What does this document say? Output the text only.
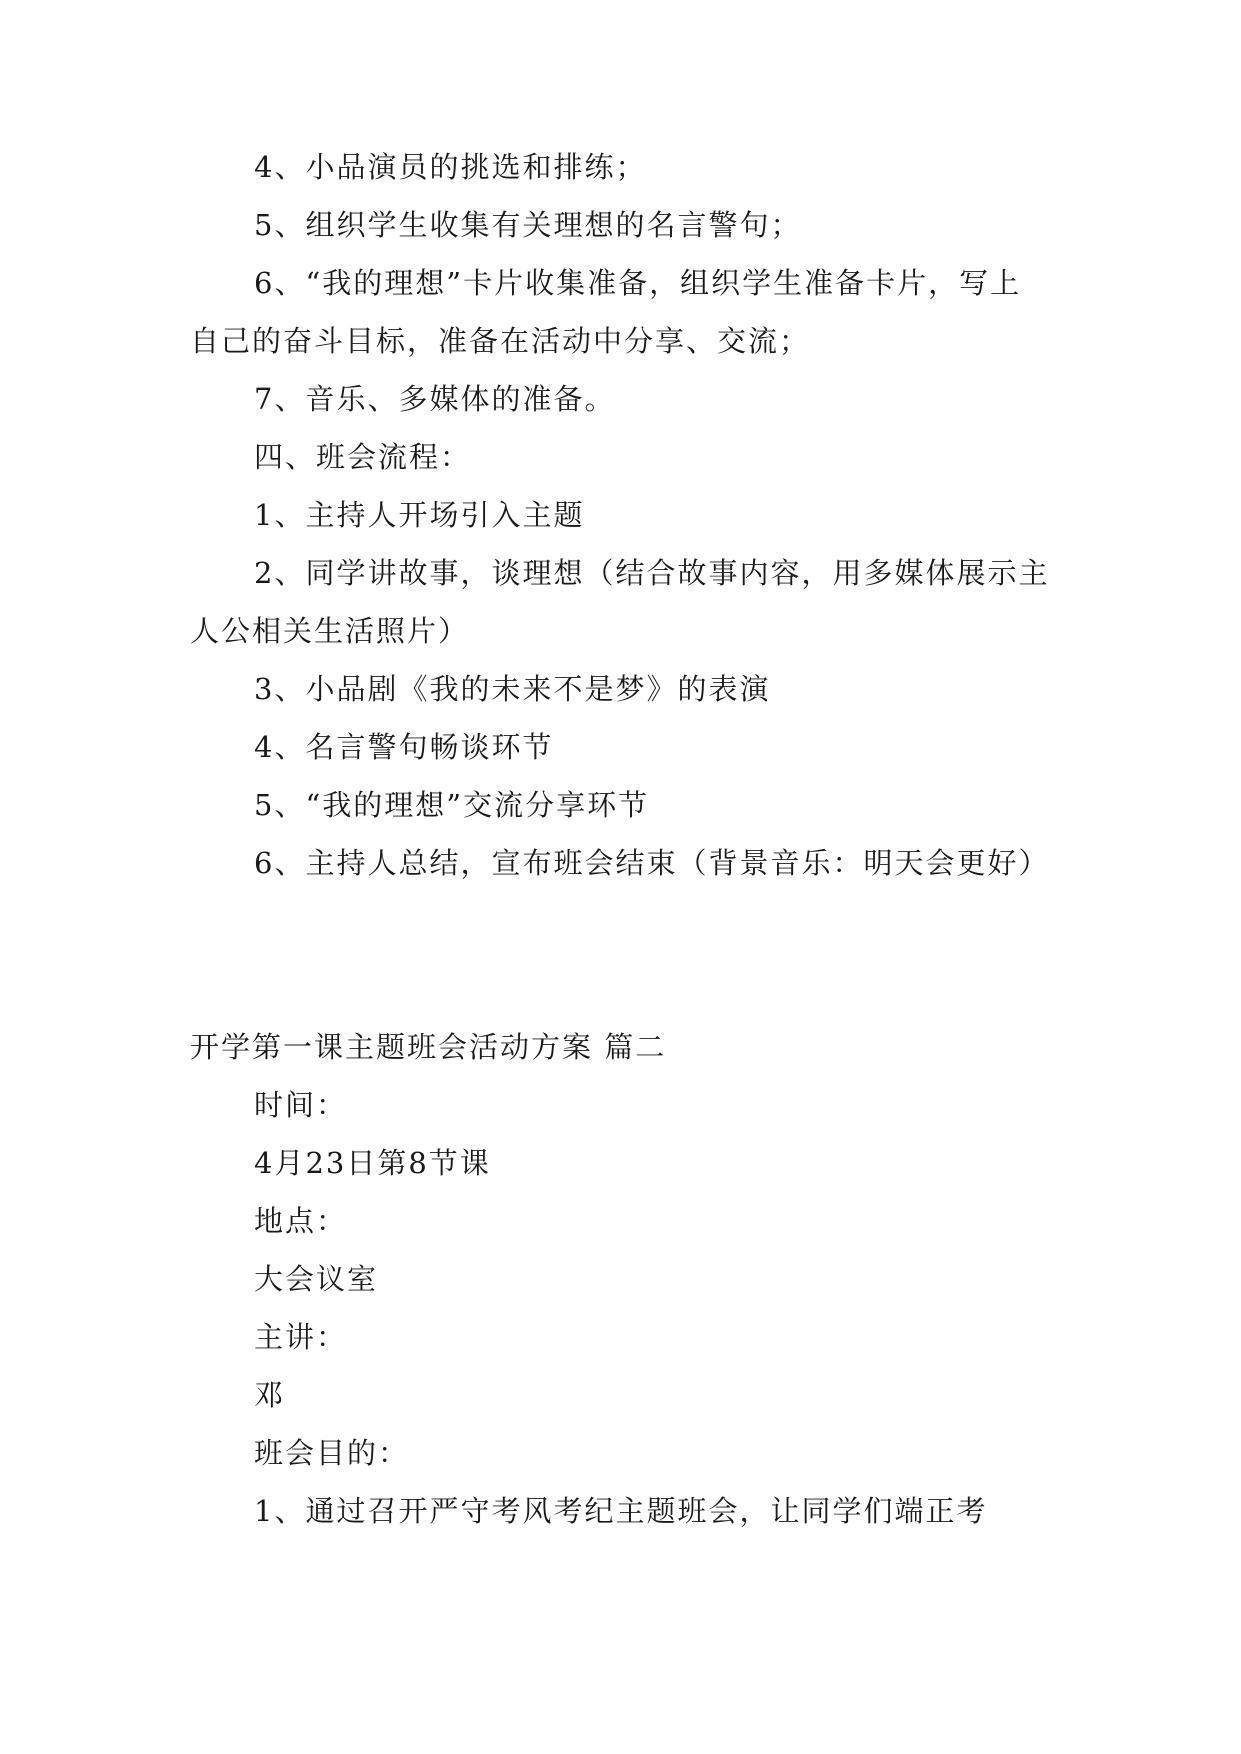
4、小品演员的挑选和排练；

5、组织学生收集有关理想的名言警句；

6、“我的理想”卡片收集准备，组织学生准备卡片，写上自己的奋斗目标，准备在活动中分享、交流；

7、音乐、多媒体的准备。

四、班会流程：

1、主持人开场引入主题

2、同学讲故事，谈理想（结合故事内容，用多媒体展示主人公相关生活照片）

3、小品剧《我的未来不是梦》的表演

4、名言警句畅谈环节

5、“我的理想”交流分享环节

6、主持人总结，宣布班会结束（背景音乐：明天会更好）

开学第一课主题班会活动方案 篇二

时间：

4月23日第8节课

地点：

大会议室

主讲：

邓

班会目的：

1、通过召开严守考风考纪主题班会，让同学们端正考
